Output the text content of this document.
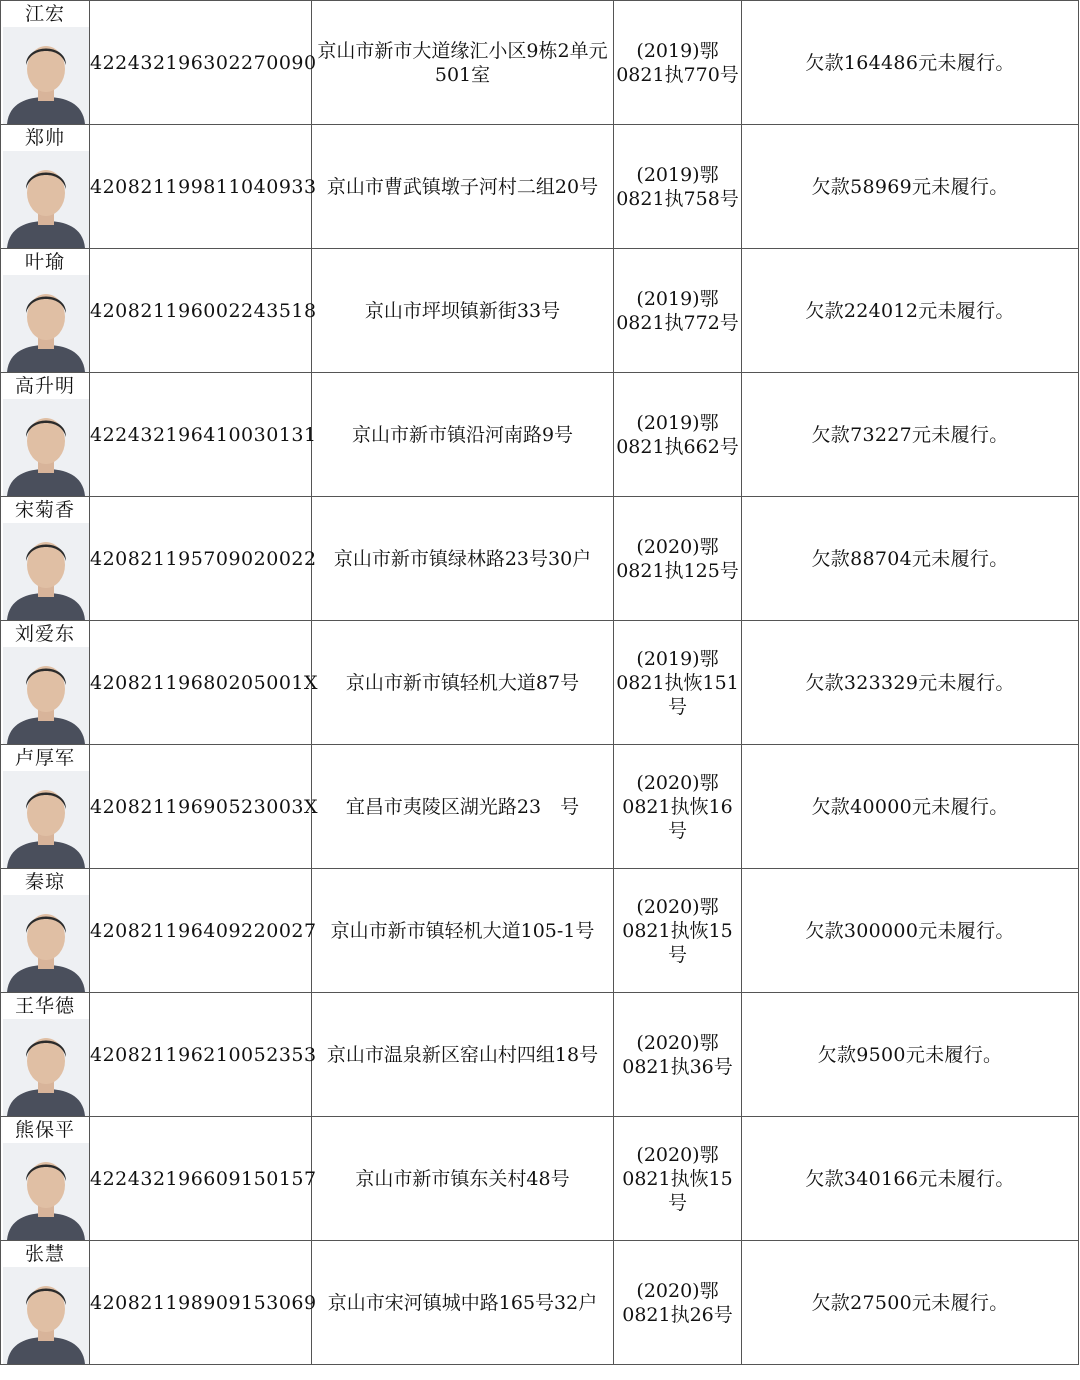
江宏	422432196302270090	京山市新市大道缘汇小区9栋2单元501室	(2019)鄂0821执770号	欠款164486元未履行。

郑帅	420821199811040933	京山市曹武镇墩子河村二组20号	(2019)鄂0821执758号	欠款58969元未履行。

叶瑜	420821196002243518	京山市坪坝镇新街33号	(2019)鄂0821执772号	欠款224012元未履行。

高升明	422432196410030131	京山市新市镇沿河南路9号	(2019)鄂0821执662号	欠款73227元未履行。

宋菊香	420821195709020022	京山市新市镇绿林路23号30户	(2020)鄂0821执125号	欠款88704元未履行。

刘爱东	42082119680205001X	京山市新市镇轻机大道87号	(2019)鄂0821执恢151号	欠款323329元未履行。

卢厚军	42082119690523003X	宜昌市夷陵区湖光路23　号	(2020)鄂0821执恢16号	欠款40000元未履行。

秦琼	420821196409220027	京山市新市镇轻机大道105-1号	(2020)鄂0821执恢15号	欠款300000元未履行。

王华德	420821196210052353	京山市温泉新区窑山村四组18号	(2020)鄂0821执36号	欠款9500元未履行。

熊保平	422432196609150157	京山市新市镇东关村48号	(2020)鄂0821执恢15号	欠款340166元未履行。

张慧	420821198909153069	京山市宋河镇城中路165号32户	(2020)鄂0821执26号	欠款27500元未履行。
